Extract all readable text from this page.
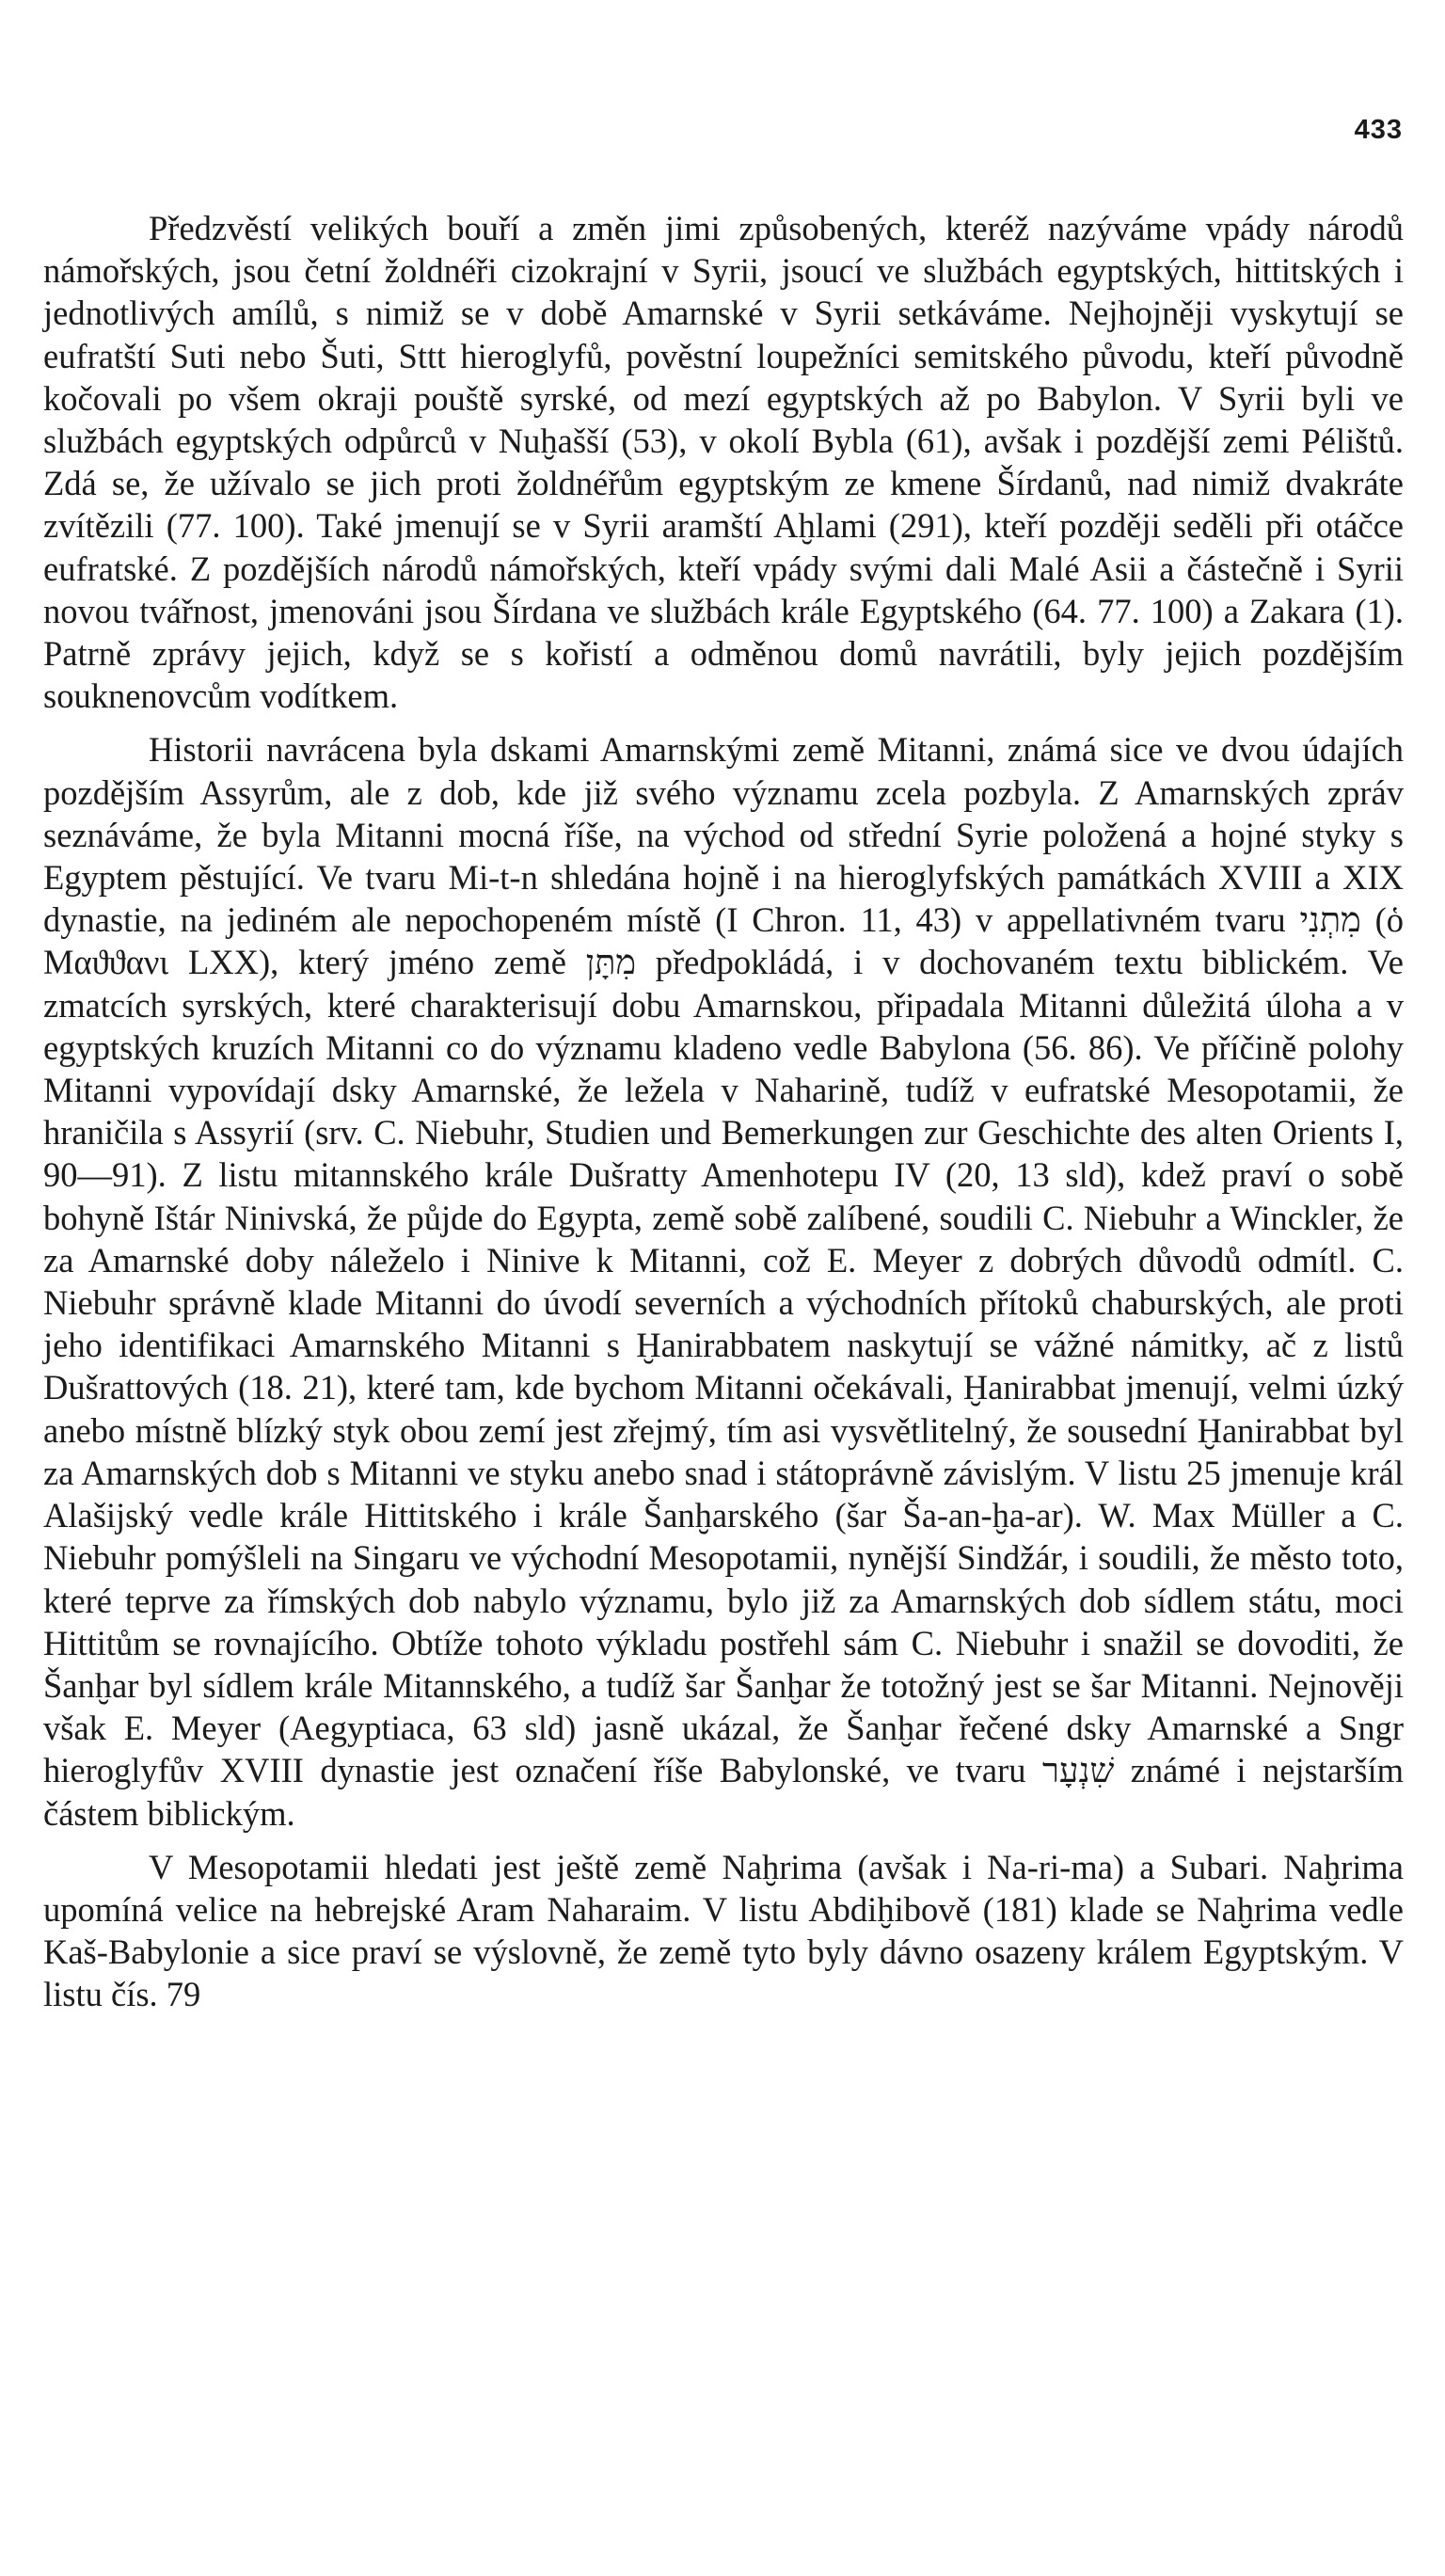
433

Předzvěstí velikých bouří a změn jimi způsobených, kteréž nazýváme vpády národů námořských, jsou četní žoldnéři cizokrajní v Syrii, jsoucí ve službách egyptských, hittitských i jednotlivých amílů, s nimiž se v době Amarnské v Syrii setkáváme. Nejhojněji vyskytují se eufratští Suti nebo Šuti, Sttt hieroglyfů, pověstní loupežníci semitského původu, kteří původně kočovali po všem okraji pouště syrské, od mezí egyptských až po Babylon. V Syrii byli ve službách egyptských odpůrců v Nuḫašší (53), v okolí Bybla (61), avšak i pozdější zemi Pélištů. Zdá se, že užívalo se jich proti žoldnéřům egyptským ze kmene Šírdanů, nad nimiž dvakráte zvítězili (77. 100). Také jmenují se v Syrii aramští Aḫlami (291), kteří později seděli při otáčce eufratské. Z pozdějších národů námořských, kteří vpády svými dali Malé Asii a částečně i Syrii novou tvářnost, jmenováni jsou Šírdana ve službách krále Egyptského (64. 77. 100) a Zakara (1). Patrně zprávy jejich, když se s kořistí a odměnou domů navrátili, byly jejich pozdějším souknenovcům vodítkem.

Historii navrácena byla dskami Amarnskými země Mitanni, známá sice ve dvou údajích pozdějším Assyrům, ale z dob, kde již svého významu zcela pozbyla. Z Amarnských zpráv seznáváme, že byla Mitanni mocná říše, na východ od střední Syrie položená a hojné styky s Egyptem pěstující. Ve tvaru Mi-t-n shledána hojně i na hieroglyfských památkách XVIII a XIX dynastie, na jediném ale nepochopeném místě (I Chron. 11, 43) v appellativném tvaru מִתְנִי (ὁ Μαϑϑανι LXX), který jméno země מִתָּן předpokládá, i v dochovaném textu biblickém. Ve zmatcích syrských, které charakterisují dobu Amarnskou, připadala Mitanni důležitá úloha a v egyptských kruzích Mitanni co do významu kladeno vedle Babylona (56. 86). Ve příčině polohy Mitanni vypovídají dsky Amarnské, že ležela v Naharině, tudíž v eufratské Mesopotamii, že hraničila s Assyrií (srv. C. Niebuhr, Studien und Bemerkungen zur Geschichte des alten Orients I, 90—91). Z listu mitannského krále Dušratty Amenhotepu IV (20, 13 sld), kdež praví o sobě bohyně Ištár Ninivská, že půjde do Egypta, země sobě zalíbené, soudili C. Niebuhr a Winckler, že za Amarnské doby náleželo i Ninive k Mitanni, což E. Meyer z dobrých důvodů odmítl. C. Niebuhr správně klade Mitanni do úvodí severních a východních přítoků chaburských, ale proti jeho identifikaci Amarnského Mitanni s Ḫanirabbatem naskytují se vážné námitky, ač z listů Dušrattových (18. 21), které tam, kde bychom Mitanni očekávali, Ḫanirabbat jmenují, velmi úzký anebo místně blízký styk obou zemí jest zřejmý, tím asi vysvětlitelný, že sousední Ḫanirabbat byl za Amarnských dob s Mitanni ve styku anebo snad i státoprávně závislým. V listu 25 jmenuje král Alašijský vedle krále Hittitského i krále Šanḫarského (šar Ša-an-ḫa-ar). W. Max Müller a C. Niebuhr pomýšleli na Singaru ve východní Mesopotamii, nynější Sindžár, i soudili, že město toto, které teprve za římských dob nabylo významu, bylo již za Amarnských dob sídlem státu, moci Hittitům se rovnajícího. Obtíže tohoto výkladu postřehl sám C. Niebuhr i snažil se dovoditi, že Šanḫar byl sídlem krále Mitannského, a tudíž šar Šanḫar že totožný jest se šar Mitanni. Nejnověji však E. Meyer (Aegyptiaca, 63 sld) jasně ukázal, že Šanḫar řečené dsky Amarnské a Sngr hieroglyfův XVIII dynastie jest označení říše Babylonské, ve tvaru שִׁנְעָר známé i nejstarším částem biblickým.

V Mesopotamii hledati jest ještě země Naḫrima (avšak i Na-ri-ma) a Subari. Naḫrima upomíná velice na hebrejské Aram Naharaim. V listu Abdiḫibově (181) klade se Naḫrima vedle Kaš-Babylonie a sice praví se výslovně, že země tyto byly dávno osazeny králem Egyptským. V listu čís. 79
